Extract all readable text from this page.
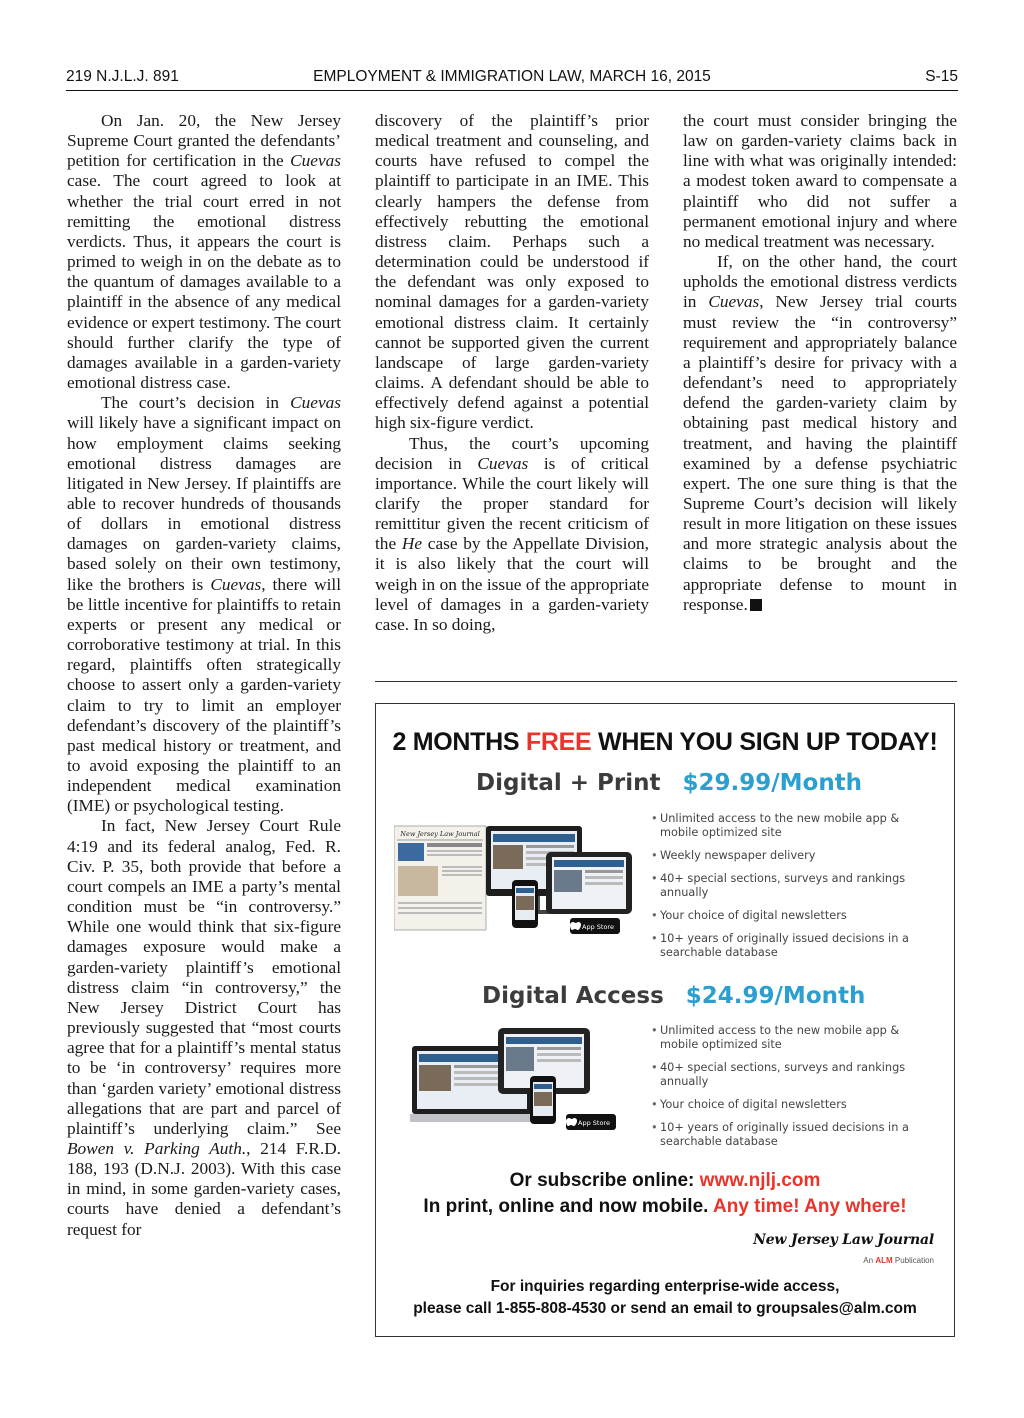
219 N.J.L.J. 891	EMPLOYMENT & IMMIGRATION LAW, MARCH 16, 2015	S-15

On Jan. 20, the New Jersey Supreme Court granted the defendants’ petition for certification in the Cuevas case. The court agreed to look at whether the trial court erred in not remitting the emotional distress verdicts. Thus, it appears the court is primed to weigh in on the debate as to the quantum of damages available to a plaintiff in the absence of any medical evidence or expert testimony. The court should further clarify the type of damages available in a garden-variety emotional distress case.

The court’s decision in Cuevas will likely have a significant impact on how employment claims seeking emotional distress damages are litigated in New Jersey. If plaintiffs are able to recover hundreds of thousands of dollars in emotional distress damages on garden-variety claims, based solely on their own testimony, like the brothers is Cuevas, there will be little incentive for plaintiffs to retain experts or present any medical or corroborative testimony at trial. In this regard, plaintiffs often strategically choose to assert only a garden-variety claim to try to limit an employer defendant’s discovery of the plaintiff’s past medical history or treatment, and to avoid exposing the plaintiff to an independent medical examination (IME) or psychological testing.

In fact, New Jersey Court Rule 4:19 and its federal analog, Fed. R. Civ. P. 35, both provide that before a court compels an IME a party’s mental condition must be “in controversy.” While one would think that six-figure damages exposure would make a garden-variety plaintiff’s emotional distress claim “in controversy,” the New Jersey District Court has previously suggested that “most courts agree that for a plaintiff’s mental status to be ‘in controversy’ requires more than ‘garden variety’ emotional distress allegations that are part and parcel of plaintiff’s underlying claim.” See Bowen v. Parking Auth., 214 F.R.D. 188, 193 (D.N.J. 2003). With this case in mind, in some garden-variety cases, courts have denied a defendant’s request for

discovery of the plaintiff’s prior medical treatment and counseling, and courts have refused to compel the plaintiff to participate in an IME. This clearly hampers the defense from effectively rebutting the emotional distress claim. Perhaps such a determination could be understood if the defendant was only exposed to nominal damages for a garden-variety emotional distress claim. It certainly cannot be supported given the current landscape of large garden-variety claims. A defendant should be able to effectively defend against a potential high six-figure verdict.

Thus, the court’s upcoming decision in Cuevas is of critical importance. While the court likely will clarify the proper standard for remittitur given the recent criticism of the He case by the Appellate Division, it is also likely that the court will weigh in on the issue of the appropriate level of damages in a garden-variety case. In so doing,

the court must consider bringing the law on garden-variety claims back in line with what was originally intended: a modest token award to compensate a plaintiff who did not suffer a permanent emotional injury and where no medical treatment was necessary.

If, on the other hand, the court upholds the emotional distress verdicts in Cuevas, New Jersey trial courts must review the “in controversy” requirement and appropriately balance a plaintiff’s desire for privacy with a defendant’s need to appropriately defend the garden-variety claim by obtaining past medical history and treatment, and having the plaintiff examined by a defense psychiatric expert. The one sure thing is that the Supreme Court’s decision will likely result in more litigation on these issues and more strategic analysis about the claims to be brought and the appropriate defense to mount in response.

2 MONTHS FREE WHEN YOU SIGN UP TODAY!
Digital + Print $29.99/Month
New Jersey Law Journal
App Store
• Unlimited access to the new mobile app & mobile optimized site
• Weekly newspaper delivery
• 40+ special sections, surveys and rankings annually
• Your choice of digital newsletters
• 10+ years of originally issued decisions in a searchable database
Digital Access $24.99/Month
App Store
• Unlimited access to the new mobile app & mobile optimized site
• 40+ special sections, surveys and rankings annually
• Your choice of digital newsletters
• 10+ years of originally issued decisions in a searchable database
Or subscribe online: www.njlj.com
In print, online and now mobile. Any time! Any where!
New Jersey Law Journal
An ALM Publication
For inquiries regarding enterprise-wide access,
please call 1-855-808-4530 or send an email to groupsales@alm.com
